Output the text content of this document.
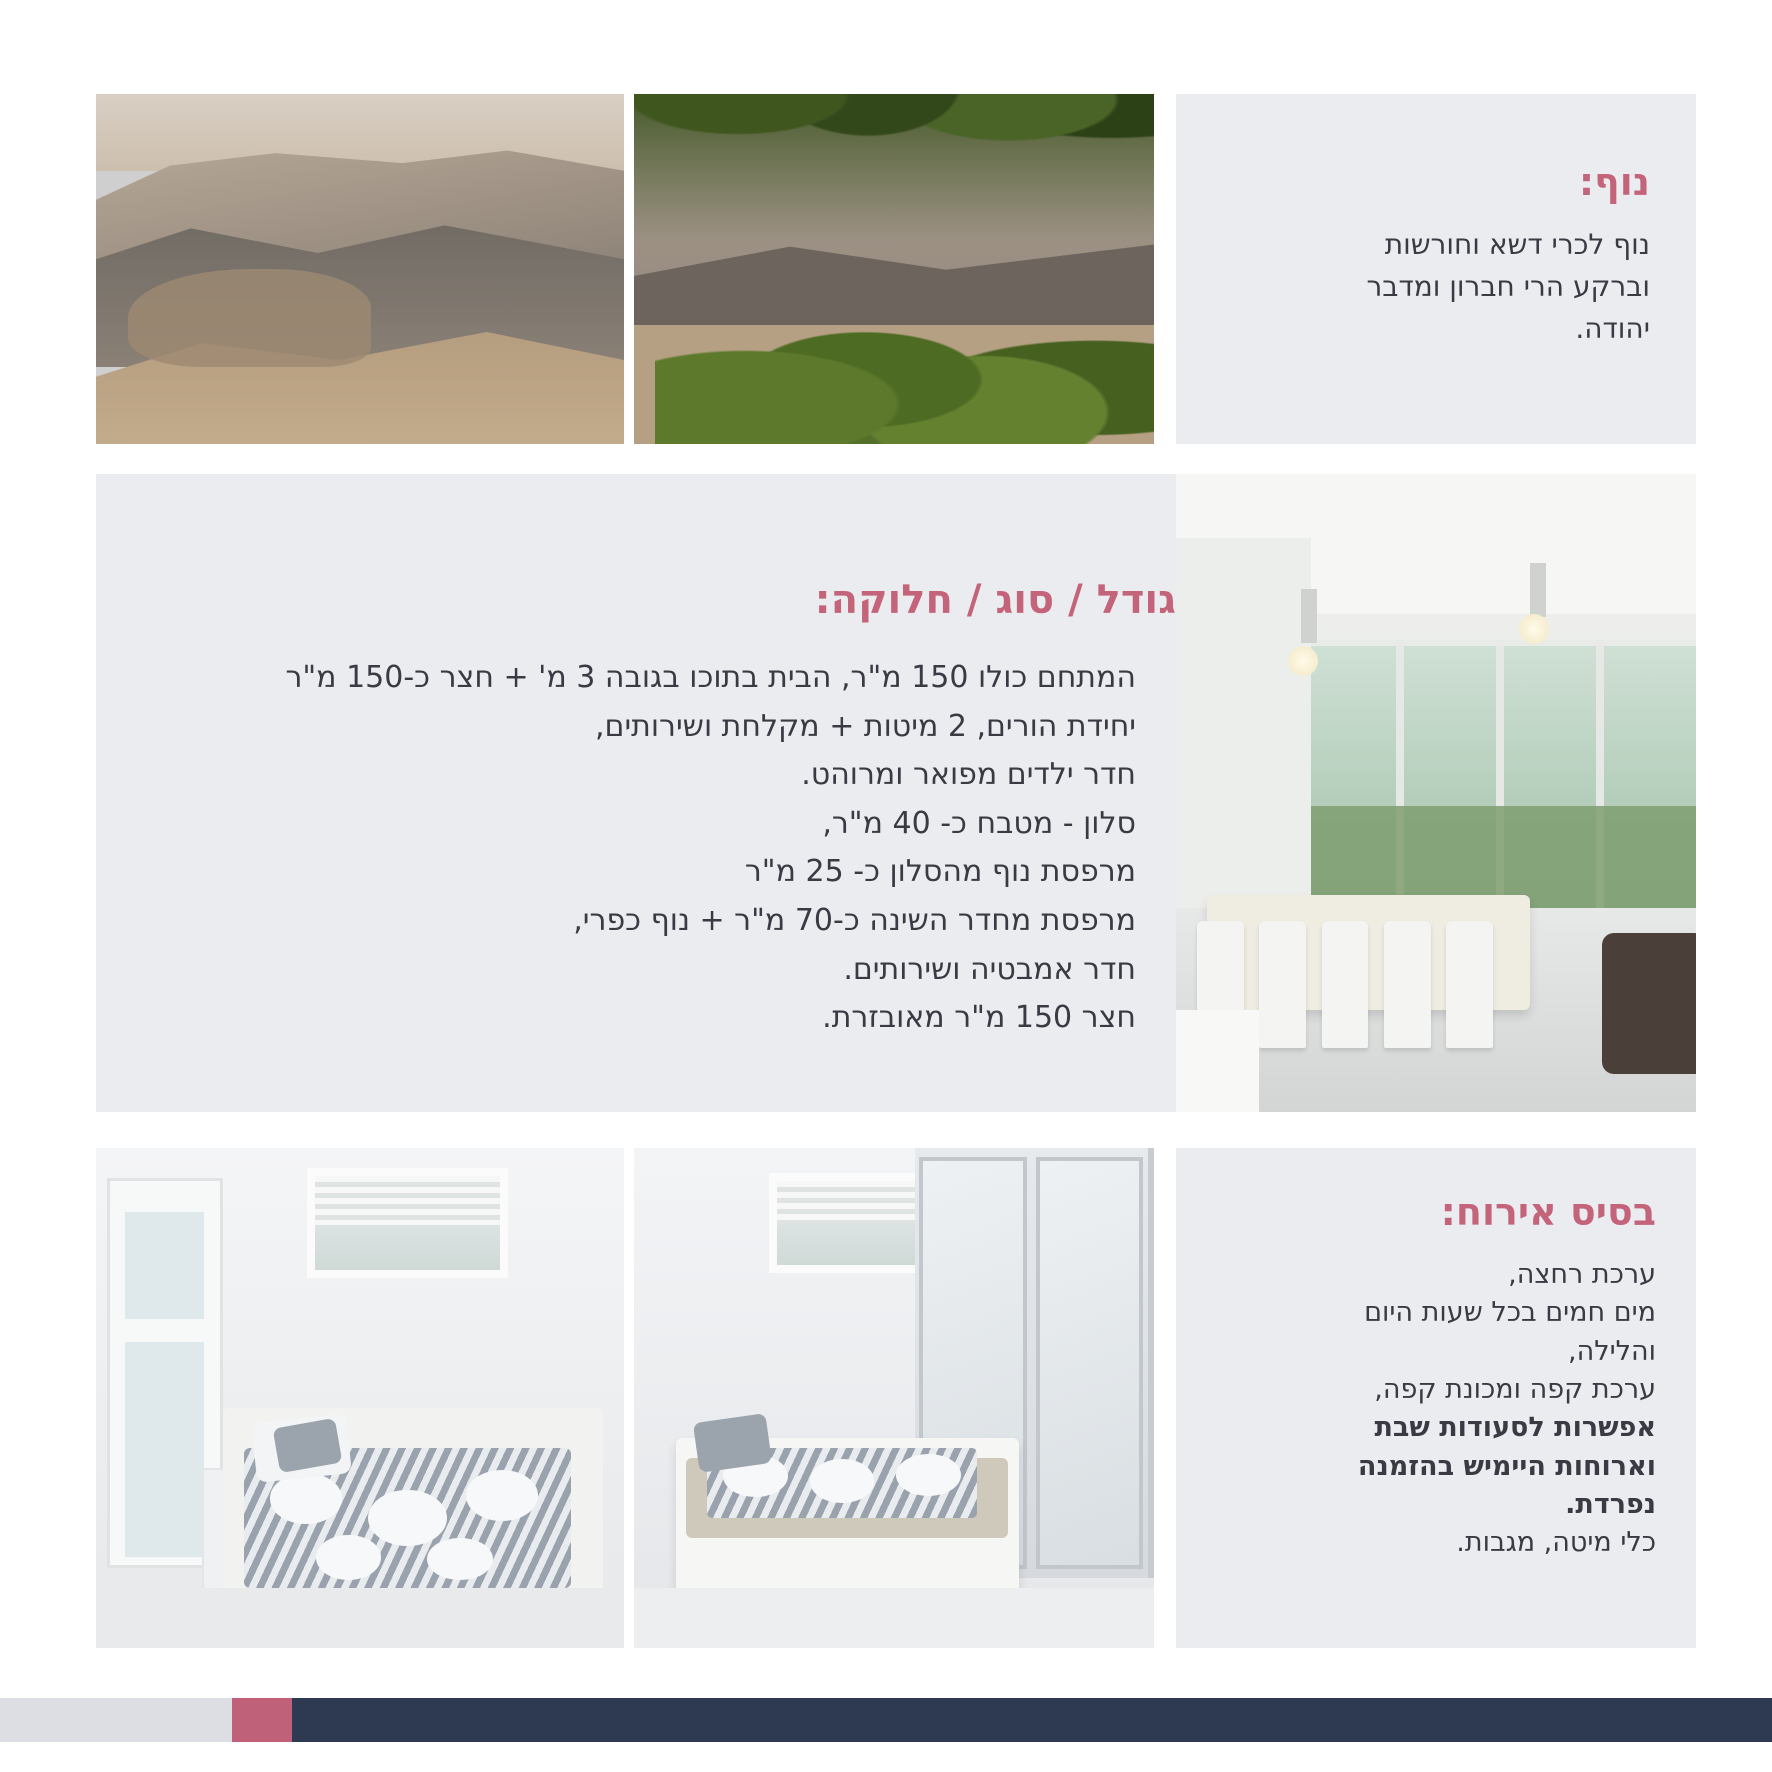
נוף:
נוף לכרי דשא וחורשות
וברקע הרי חברון ומדבר
יהודה.
גודל / סוג / חלוקה:
המתחם כולו 150 מ"ר, הבית בתוכו בגובה 3 מ' + חצר כ-150 מ"ר
יחידת הורים, 2 מיטות + מקלחת ושירותים,
חדר ילדים מפואר ומרוהט.
סלון - מטבח כ- 40 מ"ר,
מרפסת נוף מהסלון כ- 25 מ"ר
מרפסת מחדר השינה כ-70 מ"ר + נוף כפרי,
חדר אמבטיה ושירותים.
חצר 150 מ"ר מאובזרת.
בסיס אירוח:
ערכת רחצה,
מים חמים בכל שעות היום
והלילה,
ערכת קפה ומכונת קפה,
אפשרות לסעודות שבת
וארוחות היימיש בהזמנה
נפרדת.
כלי מיטה, מגבות.
